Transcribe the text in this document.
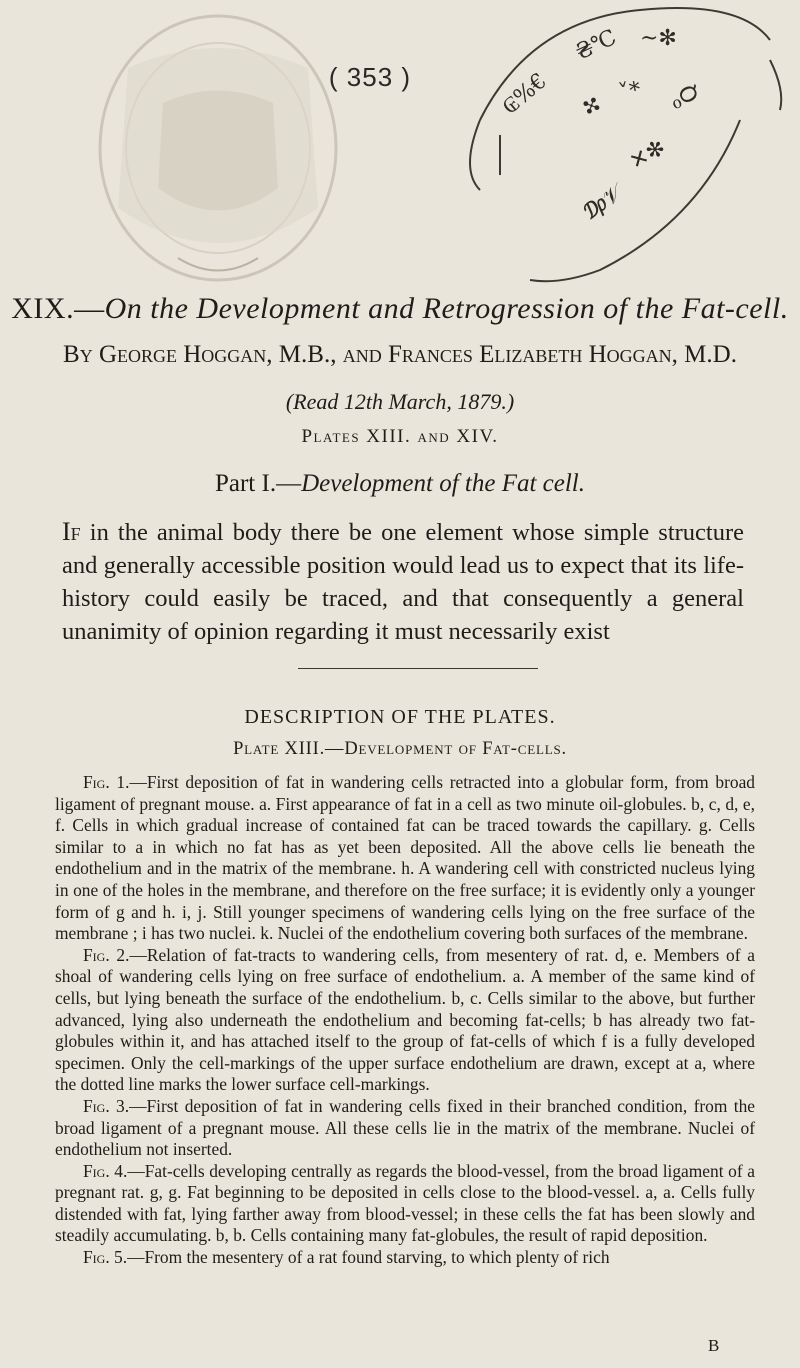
₢%€ ✣
˅* ℴ℺
₴℃ ~✻
₯𝒱
✕✻
( 353 )
XIX.—On the Development and Retrogression of the Fat-cell.
By George Hoggan, M.B., and Frances Elizabeth Hoggan, M.D.
(Read 12th March, 1879.)
Plates XIII. and XIV.
Part I.—Development of the Fat cell.
If in the animal body there be one element whose simple structure and generally accessible position would lead us to expect that its life-history could easily be traced, and that consequently a general unanimity of opinion regarding it must necessarily exist
DESCRIPTION OF THE PLATES.
Plate XIII.—Development of Fat-cells.

Fig. 1.—First deposition of fat in wandering cells retracted into a globular form, from broad ligament of pregnant mouse. a. First appearance of fat in a cell as two minute oil-globules. b, c, d, e, f. Cells in which gradual increase of contained fat can be traced towards the capillary. g. Cells similar to a in which no fat has as yet been deposited. All the above cells lie beneath the endothelium and in the matrix of the membrane. h. A wandering cell with constricted nucleus lying in one of the holes in the membrane, and therefore on the free surface; it is evidently only a younger form of g and h. i, j. Still younger specimens of wandering cells lying on the free surface of the membrane ; i has two nuclei. k. Nuclei of the endothelium covering both surfaces of the membrane.

Fig. 2.—Relation of fat-tracts to wandering cells, from mesentery of rat. d, e. Members of a shoal of wandering cells lying on free surface of endothelium. a. A member of the same kind of cells, but lying beneath the surface of the endothelium. b, c. Cells similar to the above, but further advanced, lying also underneath the endothelium and becoming fat-cells; b has already two fat-globules within it, and has attached itself to the group of fat-cells of which f is a fully developed specimen. Only the cell-markings of the upper surface endothelium are drawn, except at a, where the dotted line marks the lower surface cell-markings.

Fig. 3.—First deposition of fat in wandering cells fixed in their branched condition, from the broad ligament of a pregnant mouse. All these cells lie in the matrix of the membrane. Nuclei of endothelium not inserted.

Fig. 4.—Fat-cells developing centrally as regards the blood-vessel, from the broad ligament of a pregnant rat. g, g. Fat beginning to be deposited in cells close to the blood-vessel. a, a. Cells fully distended with fat, lying farther away from blood-vessel; in these cells the fat has been slowly and steadily accumulating. b, b. Cells containing many fat-globules, the result of rapid deposition.

Fig. 5.—From the mesentery of a rat found starving, to which plenty of rich

B
